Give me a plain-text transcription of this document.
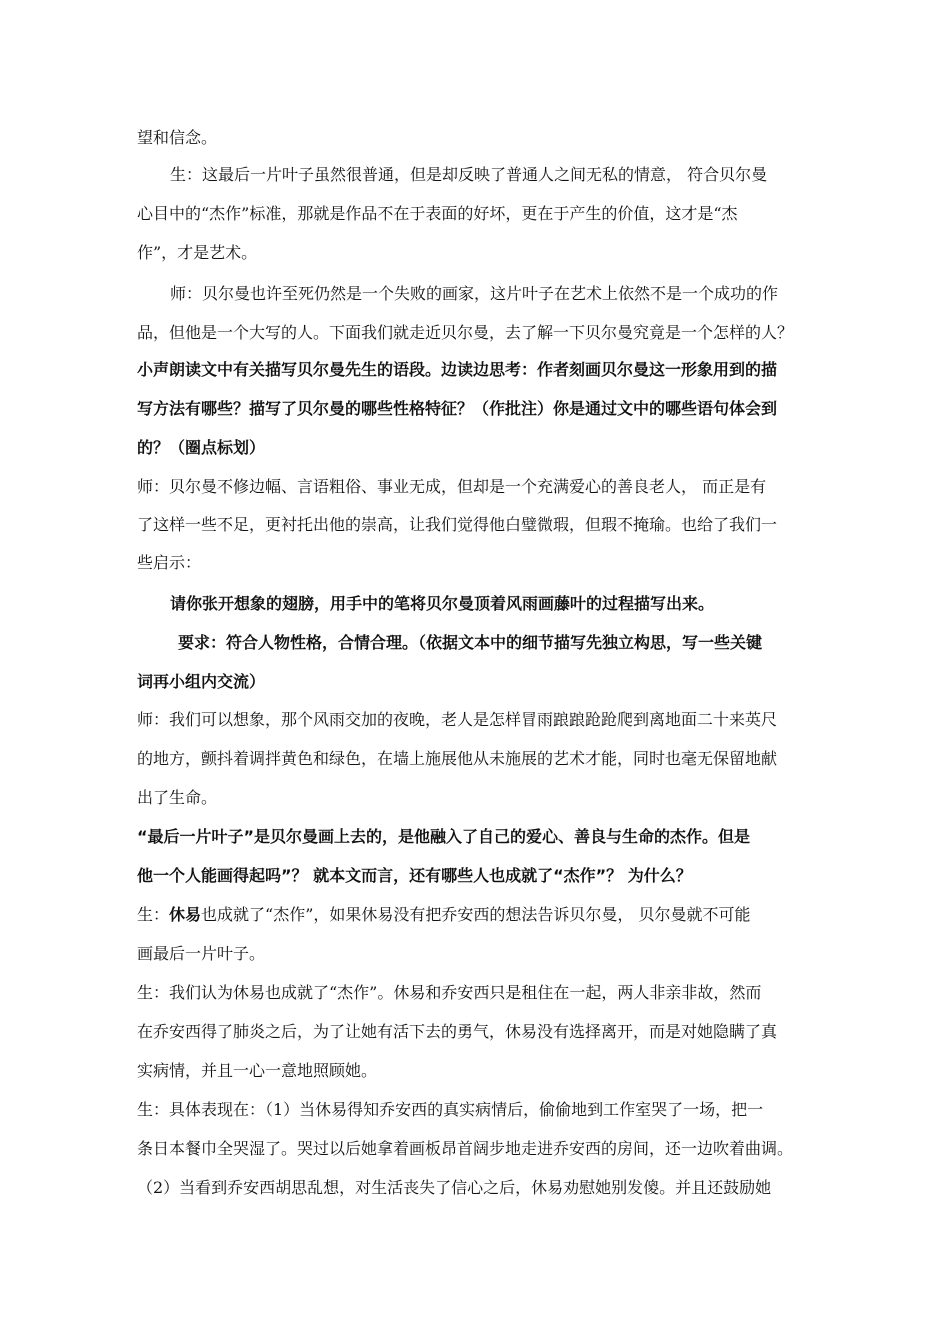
望和信念。
生：这最后一片叶子虽然很普通，但是却反映了普通人之间无私的情意， 符合贝尔曼
心目中的“杰作”标准，那就是作品不在于表面的好坏，更在于产生的价值，这才是“杰
作”，才是艺术。
师：贝尔曼也许至死仍然是一个失败的画家，这片叶子在艺术上依然不是一个成功的作
品，但他是一个大写的人。下面我们就走近贝尔曼，去了解一下贝尔曼究竟是一个怎样的人？
小声朗读文中有关描写贝尔曼先生的语段。边读边思考：作者刻画贝尔曼这一形象用到的描
写方法有哪些？描写了贝尔曼的哪些性格特征？（作批注）你是通过文中的哪些语句体会到
的？（圈点标划）
师：贝尔曼不修边幅、言语粗俗、事业无成，但却是一个充满爱心的善良老人， 而正是有
了这样一些不足，更衬托出他的崇高，让我们觉得他白璧微瑕，但瑕不掩瑜。也给了我们一
些启示：
请你张开想象的翅膀，用手中的笔将贝尔曼顶着风雨画藤叶的过程描写出来。
要求：符合人物性格，合情合理。（依据文本中的细节描写先独立构思，写一些关键
词再小组内交流）
师：我们可以想象，那个风雨交加的夜晚，老人是怎样冒雨踉踉跄跄爬到离地面二十来英尺
的地方，颤抖着调拌黄色和绿色，在墙上施展他从未施展的艺术才能，同时也毫无保留地献
出了生命。
“最后一片叶子”是贝尔曼画上去的，是他融入了自己的爱心、善良与生命的杰作。但是
他一个人能画得起吗”？ 就本文而言，还有哪些人也成就了“杰作”？ 为什么？
生：休易也成就了“杰作”，如果休易没有把乔安西的想法告诉贝尔曼， 贝尔曼就不可能
画最后一片叶子。
生：我们认为休易也成就了“杰作”。休易和乔安西只是租住在一起，两人非亲非故，然而
在乔安西得了肺炎之后，为了让她有活下去的勇气，休易没有选择离开，而是对她隐瞒了真
实病情，并且一心一意地照顾她。
生：具体表现在：（1）当休易得知乔安西的真实病情后，偷偷地到工作室哭了一场，把一
条日本餐巾全哭湿了。哭过以后她拿着画板昂首阔步地走进乔安西的房间，还一边吹着曲调。
（2）当看到乔安西胡思乱想，对生活丧失了信心之后，休易劝慰她别发傻。并且还鼓励她
